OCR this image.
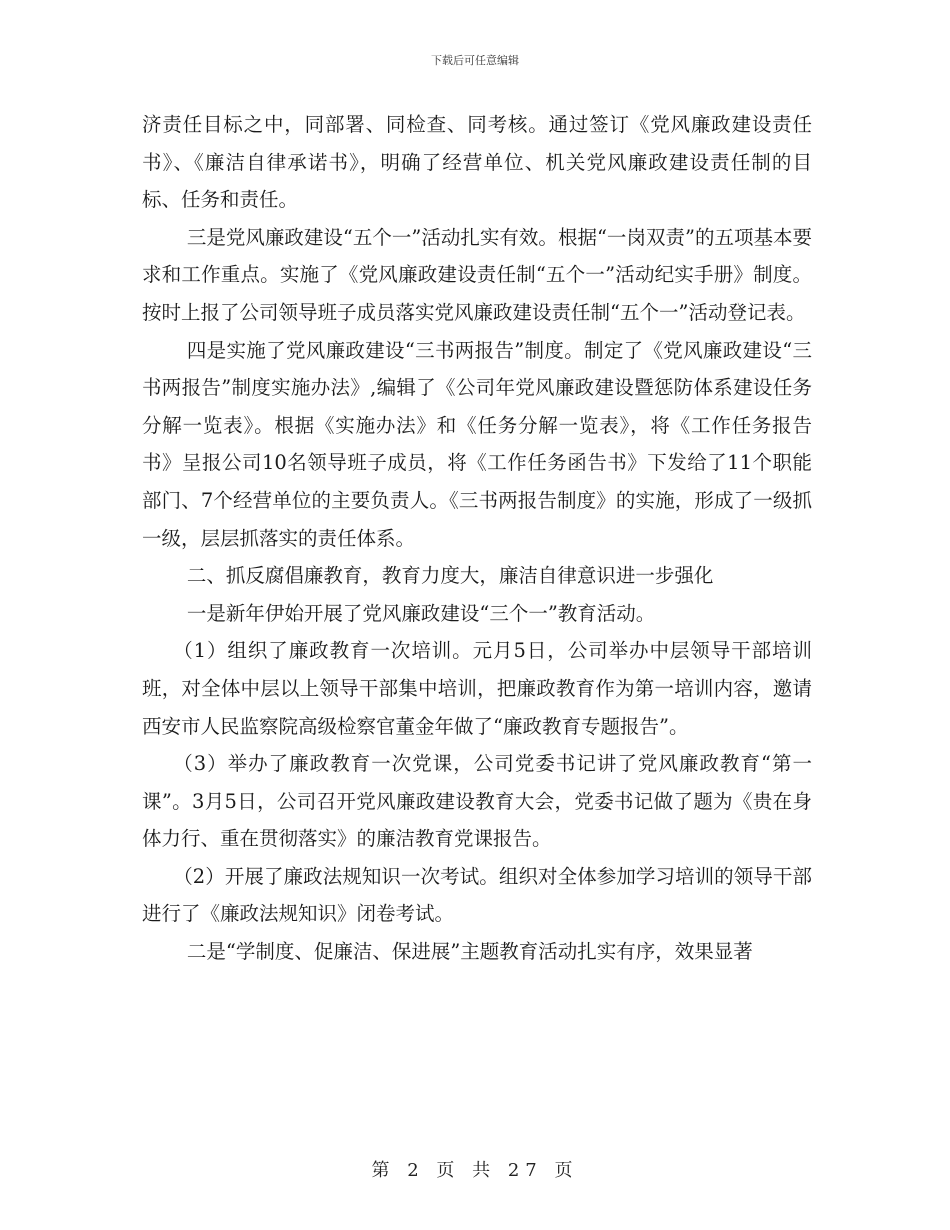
下载后可任意编辑

济责任目标之中，同部署、同检查、同考核。通过签订《党风廉政建设责任书》、《廉洁自律承诺书》，明确了经营单位、机关党风廉政建设责任制的目标、任务和责任。

三是党风廉政建设“五个一”活动扎实有效。根据“一岗双责”的五项基本要求和工作重点。实施了《党风廉政建设责任制“五个一”活动纪实手册》制度。按时上报了公司领导班子成员落实党风廉政建设责任制“五个一”活动登记表。

四是实施了党风廉政建设“三书两报告”制度。制定了《党风廉政建设“三书两报告”制度实施办法》,编辑了《公司年党风廉政建设暨惩防体系建设任务分解一览表》。根据《实施办法》和《任务分解一览表》，将《工作任务报告书》呈报公司10名领导班子成员，将《工作任务函告书》下发给了11个职能部门、7个经营单位的主要负责人。《三书两报告制度》的实施，形成了一级抓一级，层层抓落实的责任体系。

二、抓反腐倡廉教育，教育力度大，廉洁自律意识进一步强化

一是新年伊始开展了党风廉政建设“三个一”教育活动。

（1）组织了廉政教育一次培训。元月5日，公司举办中层领导干部培训班，对全体中层以上领导干部集中培训，把廉政教育作为第一培训内容，邀请西安市人民监察院高级检察官董金年做了“廉政教育专题报告”。

（3）举办了廉政教育一次党课，公司党委书记讲了党风廉政教育“第一课”。3月5日，公司召开党风廉政建设教育大会，党委书记做了题为《贵在身体力行、重在贯彻落实》的廉洁教育党课报告。

（2）开展了廉政法规知识一次考试。组织对全体参加学习培训的领导干部进行了《廉政法规知识》闭卷考试。

二是“学制度、促廉洁、保进展”主题教育活动扎实有序，效果显著

第 2 页 共 27 页
